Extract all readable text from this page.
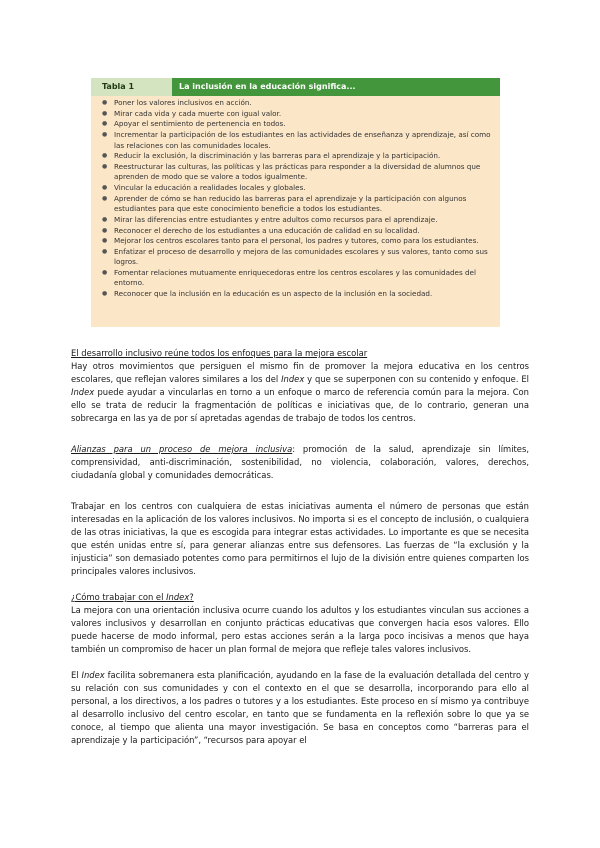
Tabla 1	La inclusión en la educación significa...
● Poner los valores inclusivos en acción.
● Mirar cada vida y cada muerte con igual valor.
● Apoyar el sentimiento de pertenencia en todos.
● Incrementar la participación de los estudiantes en las actividades de enseñanza y aprendizaje, así como las relaciones con las comunidades locales.
● Reducir la exclusión, la discriminación y las barreras para el aprendizaje y la participación.
● Reestructurar las culturas, las políticas y las prácticas para responder a la diversidad de alumnos que aprenden de modo que se valore a todos igualmente.
● Vincular la educación a realidades locales y globales.
● Aprender de cómo se han reducido las barreras para el aprendizaje y la participación con algunos estudiantes para que este conocimiento beneficie a todos los estudiantes.
● Mirar las diferencias entre estudiantes y entre adultos como recursos para el aprendizaje.
● Reconocer el derecho de los estudiantes a una educación de calidad en su localidad.
● Mejorar los centros escolares tanto para el personal, los padres y tutores, como para los estudiantes.
● Enfatizar el proceso de desarrollo y mejora de las comunidades escolares y sus valores, tanto como sus logros.
● Fomentar relaciones mutuamente enriquecedoras entre los centros escolares y las comunidades del entorno.
● Reconocer que la inclusión en la educación es un aspecto de la inclusión en la sociedad.

El desarrollo inclusivo reúne todos los enfoques para la mejora escolar

Hay otros movimientos que persiguen el mismo fin de promover la mejora educativa en los centros escolares, que reflejan valores similares a los del Index y que se superponen con su contenido y enfoque. El Index puede ayudar a vincularlas en torno a un enfoque o marco de referencia común para la mejora. Con ello se trata de reducir la fragmentación de políticas e iniciativas que, de lo contrario, generan una sobrecarga en las ya de por sí apretadas agendas de trabajo de todos los centros.

Alianzas para un proceso de mejora inclusiva: promoción de la salud, aprendizaje sin límites, comprensividad, anti-discriminación, sostenibilidad, no violencia, colaboración, valores, derechos, ciudadanía global y comunidades democráticas.

Trabajar en los centros con cualquiera de estas iniciativas aumenta el número de personas que están interesadas en la aplicación de los valores inclusivos. No importa si es el concepto de inclusión, o cualquiera de las otras iniciativas, la que es escogida para integrar estas actividades. Lo importante es que se necesita que estén unidas entre sí, para generar alianzas entre sus defensores. Las fuerzas de “la exclusión y la injusticia” son demasiado potentes como para permitirnos el lujo de la división entre quienes comparten los principales valores inclusivos.

¿Cómo trabajar con el Index?

La mejora con una orientación inclusiva ocurre cuando los adultos y los estudiantes vinculan sus acciones a valores inclusivos y desarrollan en conjunto prácticas educativas que convergen hacia esos valores. Ello puede hacerse de modo informal, pero estas acciones serán a la larga poco incisivas a menos que haya también un compromiso de hacer un plan formal de mejora que refleje tales valores inclusivos.

El Index facilita sobremanera esta planificación, ayudando en la fase de la evaluación detallada del centro y su relación con sus comunidades y con el contexto en el que se desarrolla, incorporando para ello al personal, a los directivos, a los padres o tutores y a los estudiantes. Este proceso en sí mismo ya contribuye al desarrollo inclusivo del centro escolar, en tanto que se fundamenta en la reflexión sobre lo que ya se conoce, al tiempo que alienta una mayor investigación. Se basa en conceptos como “barreras para el aprendizaje y la participación”, “recursos para apoyar el
